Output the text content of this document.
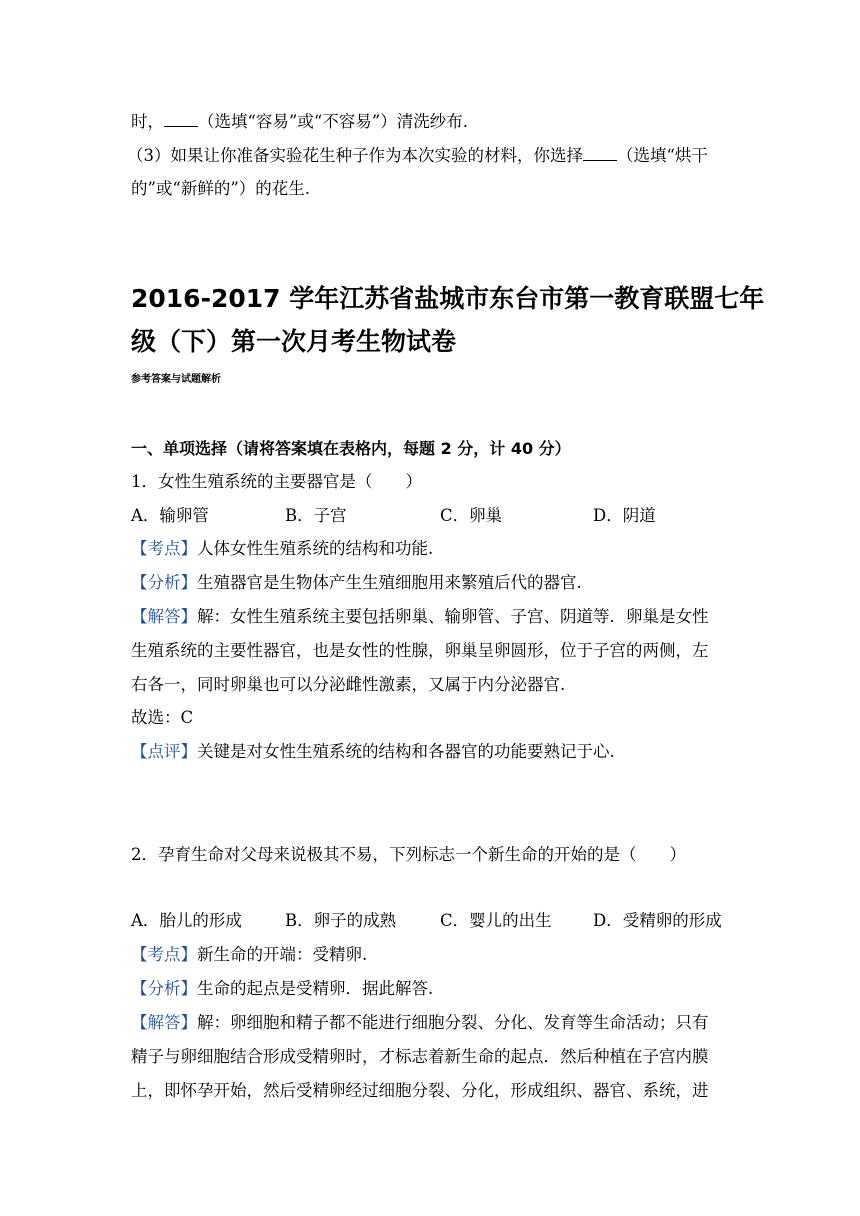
时， （选填“容易”或“不容易”）清洗纱布.
（3）如果让你准备实验花生种子作为本次实验的材料，你选择 （选填“烘干
的”或“新鲜的”）的花生.
2016-2017 学年江苏省盐城市东台市第一教育联盟七年
级（下）第一次月考生物试卷
参考答案与试题解析
一、单项选择（请将答案填在表格内，每题 2 分，计 40 分）
1．女性生殖系统的主要器官是（　　）
A．输卵管	B．子宫	C．卵巢	D．阴道
【考点】人体女性生殖系统的结构和功能.
【分析】生殖器官是生物体产生生殖细胞用来繁殖后代的器官.
【解答】解：女性生殖系统主要包括卵巢、输卵管、子宫、阴道等．卵巢是女性
生殖系统的主要性器官，也是女性的性腺，卵巢呈卵圆形，位于子宫的两侧，左
右各一，同时卵巢也可以分泌雌性激素，又属于内分泌器官.
故选：C
【点评】关键是对女性生殖系统的结构和各器官的功能要熟记于心.
2．孕育生命对父母来说极其不易，下列标志一个新生命的开始的是（　　）
A．胎儿的形成	B．卵子的成熟	C．婴儿的出生	D．受精卵的形成
【考点】新生命的开端：受精卵.
【分析】生命的起点是受精卵．据此解答.
【解答】解：卵细胞和精子都不能进行细胞分裂、分化、发育等生命活动；只有
精子与卵细胞结合形成受精卵时，才标志着新生命的起点．然后种植在子宫内膜
上，即怀孕开始，然后受精卵经过细胞分裂、分化，形成组织、器官、系统，进
